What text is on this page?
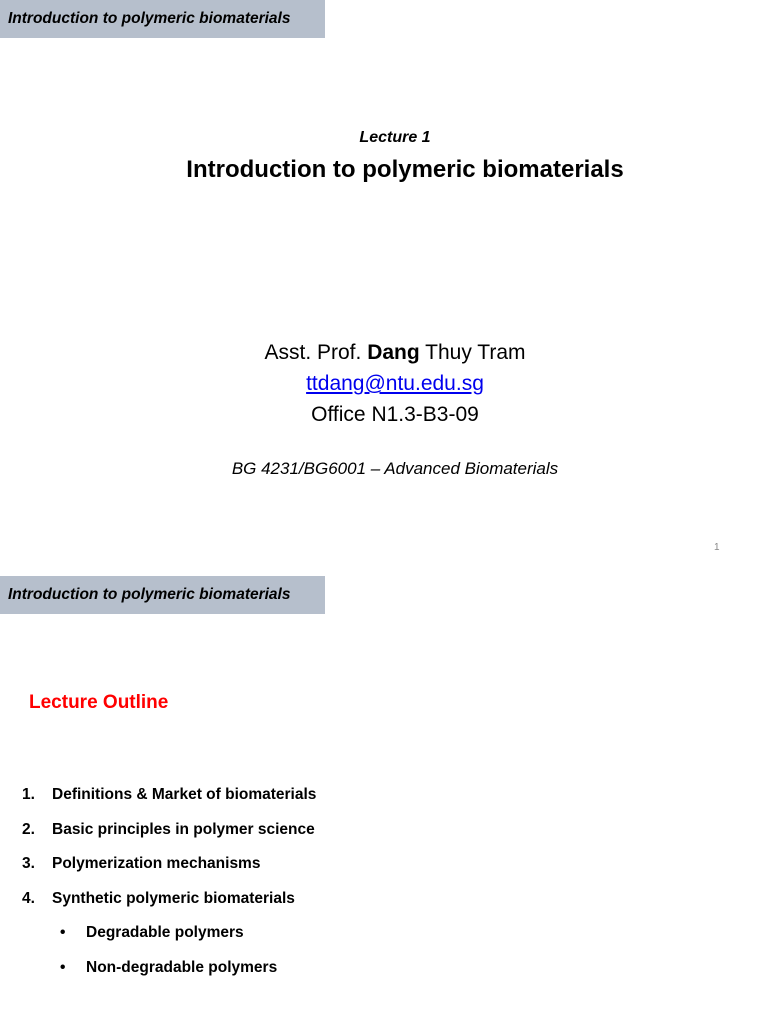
Introduction to polymeric biomaterials
Lecture 1
Introduction to polymeric biomaterials
Asst. Prof. Dang Thuy Tram
ttdang@ntu.edu.sg
Office N1.3-B3-09
BG 4231/BG6001 – Advanced Biomaterials
1
Introduction to polymeric biomaterials
Lecture Outline
1. Definitions & Market of biomaterials
2. Basic principles in polymer science
3. Polymerization mechanisms
4. Synthetic polymeric biomaterials
• Degradable polymers
• Non-degradable polymers
